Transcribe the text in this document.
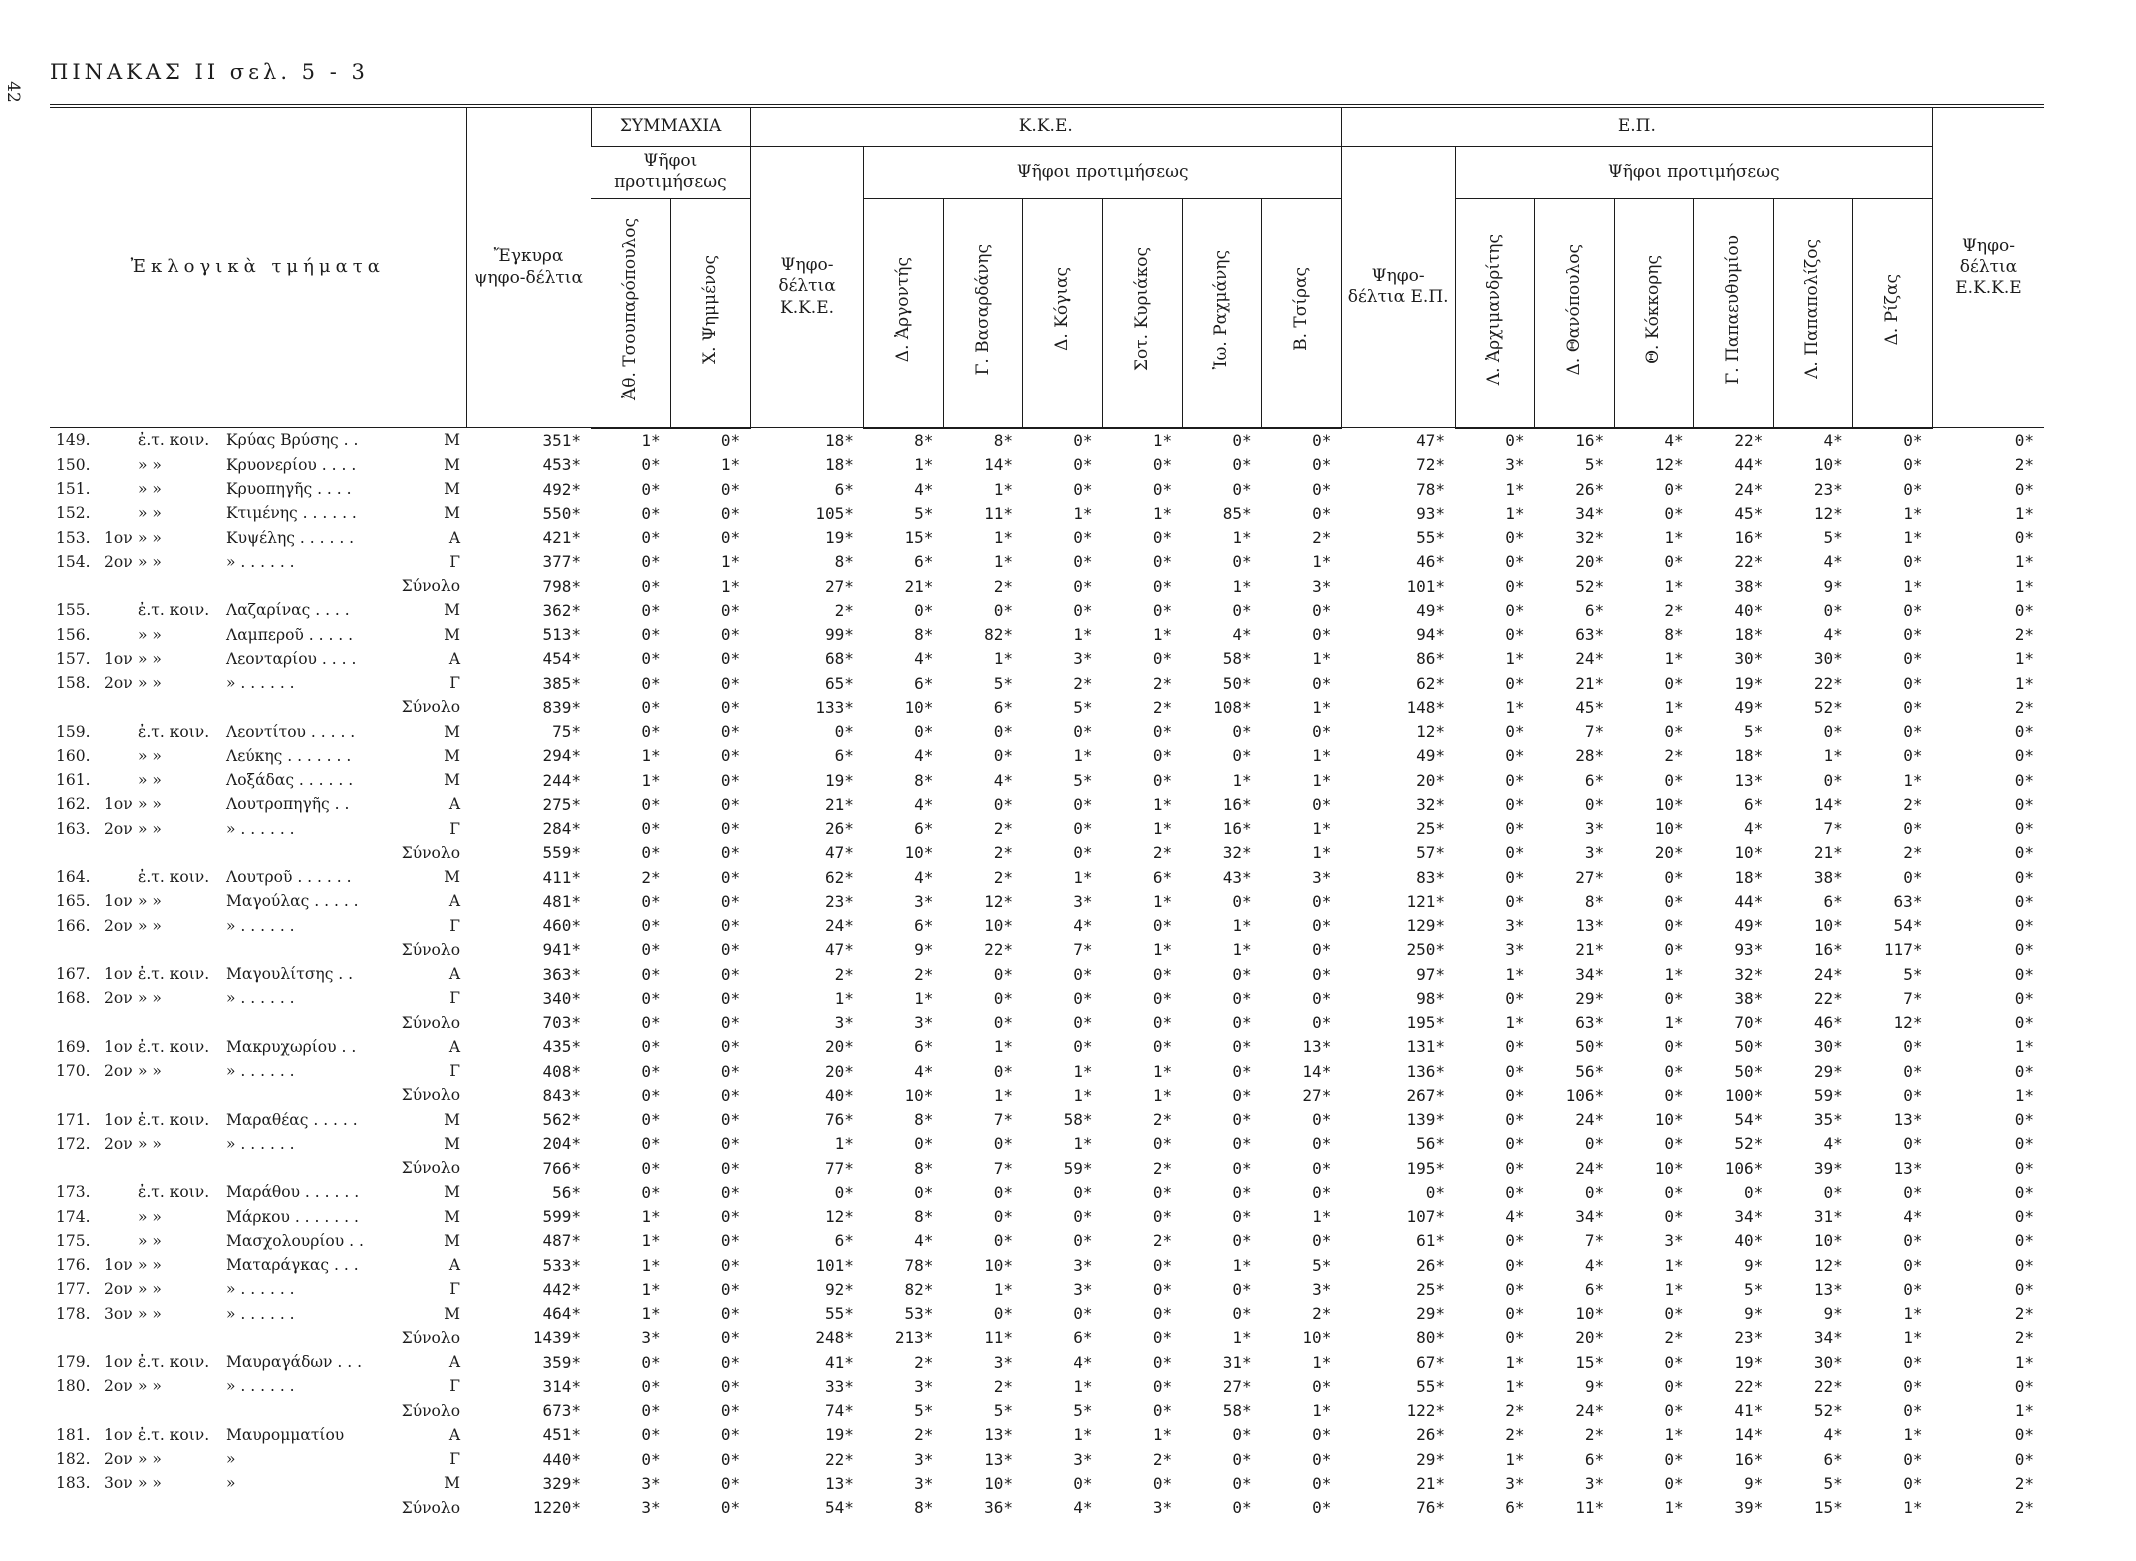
42
ΠΙΝΑΚΑΣ ΙΙ σελ. 5 - 3
Ἐκλογικὰ τμήματα	Ἔγκυρα ψηφο-δέλτια	ΣΥΜΜΑΧΙΑ		Κ.Κ.Ε.							Ε.Π.							Ψηφο-δέλτια Ε.Κ.Κ.Ε
		Ψῆφοι προτιμήσεως		Ψηφο-δέλτια Κ.Κ.Ε.	Ψῆφοι προτιμήσεως						Ψηφο-δέλτια Ε.Π.	Ψῆφοι προτιμήσεως						
		Ἀθ. Τσουπαρόπουλος	Χ. Ψημμένος		Δ. Ἀργοντής	Γ. Βασαρδάνης	Δ. Κόγιας	Σοτ. Κυριάκος	Ἰω. Ραχμάνης	Β. Τσίρας		Λ. Ἀρχιμανδρίτης	Δ. Θανόπουλος	Θ. Κόκκορης	Γ. Παπαευθυμίου	Λ. Παπαπολίζος	Δ. Ρίζας	
149. ἐ.τ. κοιν. Κρύας Βρύσης . . Μ	351*	1*	0*	18*	8*	8*	0*	1*	0*	0*	47*	0*	16*	4*	22*	4*	0*	0*
150. » » Κρυονερίου . . . . Μ	453*	0*	1*	18*	1*	14*	0*	0*	0*	0*	72*	3*	5*	12*	44*	10*	0*	2*
151. » » Κρυοπηγῆς . . . . Μ	492*	0*	0*	6*	4*	1*	0*	0*	0*	0*	78*	1*	26*	0*	24*	23*	0*	0*
152. » » Κτιμένης . . . . . . Μ	550*	0*	0*	105*	5*	11*	1*	1*	85*	0*	93*	1*	34*	0*	45*	12*	1*	1*
153. 1ον » » Κυψέλης . . . . . . Α	421*	0*	0*	19*	15*	1*	0*	0*	1*	2*	55*	0*	32*	1*	16*	5*	1*	0*
154. 2ον » » » . . . . . . Γ	377*	0*	1*	8*	6*	1*	0*	0*	0*	1*	46*	0*	20*	0*	22*	4*	0*	1*
Σύνολο	798*	0*	1*	27*	21*	2*	0*	0*	1*	3*	101*	0*	52*	1*	38*	9*	1*	1*
155. ἐ.τ. κοιν. Λαζαρίνας . . . . Μ	362*	0*	0*	2*	0*	0*	0*	0*	0*	0*	49*	0*	6*	2*	40*	0*	0*	0*
156. » » Λαμπεροῦ . . . . . Μ	513*	0*	0*	99*	8*	82*	1*	1*	4*	0*	94*	0*	63*	8*	18*	4*	0*	2*
157. 1ον » » Λεονταρίου . . . . Α	454*	0*	0*	68*	4*	1*	3*	0*	58*	1*	86*	1*	24*	1*	30*	30*	0*	1*
158. 2ον » » » . . . . . . Γ	385*	0*	0*	65*	6*	5*	2*	2*	50*	0*	62*	0*	21*	0*	19*	22*	0*	1*
Σύνολο	839*	0*	0*	133*	10*	6*	5*	2*	108*	1*	148*	1*	45*	1*	49*	52*	0*	2*
159. ἐ.τ. κοιν. Λεοντίτου . . . . . Μ	75*	0*	0*	0*	0*	0*	0*	0*	0*	0*	12*	0*	7*	0*	5*	0*	0*	0*
160. » » Λεύκης . . . . . . . Μ	294*	1*	0*	6*	4*	0*	1*	0*	0*	1*	49*	0*	28*	2*	18*	1*	0*	0*
161. » » Λοξάδας . . . . . . Μ	244*	1*	0*	19*	8*	4*	5*	0*	1*	1*	20*	0*	6*	0*	13*	0*	1*	0*
162. 1ον » » Λουτροπηγῆς . . Α	275*	0*	0*	21*	4*	0*	0*	1*	16*	0*	32*	0*	0*	10*	6*	14*	2*	0*
163. 2ον » » » . . . . . . Γ	284*	0*	0*	26*	6*	2*	0*	1*	16*	1*	25*	0*	3*	10*	4*	7*	0*	0*
Σύνολο	559*	0*	0*	47*	10*	2*	0*	2*	32*	1*	57*	0*	3*	20*	10*	21*	2*	0*
164. ἐ.τ. κοιν. Λουτροῦ . . . . . . Μ	411*	2*	0*	62*	4*	2*	1*	6*	43*	3*	83*	0*	27*	0*	18*	38*	0*	0*
165. 1ον » » Μαγούλας . . . . . Α	481*	0*	0*	23*	3*	12*	3*	1*	0*	0*	121*	0*	8*	0*	44*	6*	63*	0*
166. 2ον » » » . . . . . . Γ	460*	0*	0*	24*	6*	10*	4*	0*	1*	0*	129*	3*	13*	0*	49*	10*	54*	0*
Σύνολο	941*	0*	0*	47*	9*	22*	7*	1*	1*	0*	250*	3*	21*	0*	93*	16*	117*	0*
167. 1ον ἐ.τ. κοιν. Μαγουλίτσης . . Α	363*	0*	0*	2*	2*	0*	0*	0*	0*	0*	97*	1*	34*	1*	32*	24*	5*	0*
168. 2ον » » » . . . . . . Γ	340*	0*	0*	1*	1*	0*	0*	0*	0*	0*	98*	0*	29*	0*	38*	22*	7*	0*
Σύνολο	703*	0*	0*	3*	3*	0*	0*	0*	0*	0*	195*	1*	63*	1*	70*	46*	12*	0*
169. 1ον ἐ.τ. κοιν. Μακρυχωρίου . . Α	435*	0*	0*	20*	6*	1*	0*	0*	0*	13*	131*	0*	50*	0*	50*	30*	0*	1*
170. 2ον » » » . . . . . . Γ	408*	0*	0*	20*	4*	0*	1*	1*	0*	14*	136*	0*	56*	0*	50*	29*	0*	0*
Σύνολο	843*	0*	0*	40*	10*	1*	1*	1*	0*	27*	267*	0*	106*	0*	100*	59*	0*	1*
171. 1ον ἐ.τ. κοιν. Μαραθέας . . . . . Μ	562*	0*	0*	76*	8*	7*	58*	2*	0*	0*	139*	0*	24*	10*	54*	35*	13*	0*
172. 2ον » » » . . . . . . Μ	204*	0*	0*	1*	0*	0*	1*	0*	0*	0*	56*	0*	0*	0*	52*	4*	0*	0*
Σύνολο	766*	0*	0*	77*	8*	7*	59*	2*	0*	0*	195*	0*	24*	10*	106*	39*	13*	0*
173. ἐ.τ. κοιν. Μαράθου . . . . . . Μ	56*	0*	0*	0*	0*	0*	0*	0*	0*	0*	0*	0*	0*	0*	0*	0*	0*	0*
174. » » Μάρκου . . . . . . . Μ	599*	1*	0*	12*	8*	0*	0*	0*	0*	1*	107*	4*	34*	0*	34*	31*	4*	0*
175. » » Μασχολουρίου . . Μ	487*	1*	0*	6*	4*	0*	0*	2*	0*	0*	61*	0*	7*	3*	40*	10*	0*	0*
176. 1ον » » Ματαράγκας . . . Α	533*	1*	0*	101*	78*	10*	3*	0*	1*	5*	26*	0*	4*	1*	9*	12*	0*	0*
177. 2ον » » » . . . . . . Γ	442*	1*	0*	92*	82*	1*	3*	0*	0*	3*	25*	0*	6*	1*	5*	13*	0*	0*
178. 3ον » » » . . . . . . Μ	464*	1*	0*	55*	53*	0*	0*	0*	0*	2*	29*	0*	10*	0*	9*	9*	1*	2*
Σύνολο	1439*	3*	0*	248*	213*	11*	6*	0*	1*	10*	80*	0*	20*	2*	23*	34*	1*	2*
179. 1ον ἐ.τ. κοιν. Μαυραγάδων . . . Α	359*	0*	0*	41*	2*	3*	4*	0*	31*	1*	67*	1*	15*	0*	19*	30*	0*	1*
180. 2ον » » » . . . . . . Γ	314*	0*	0*	33*	3*	2*	1*	0*	27*	0*	55*	1*	9*	0*	22*	22*	0*	0*
Σύνολο	673*	0*	0*	74*	5*	5*	5*	0*	58*	1*	122*	2*	24*	0*	41*	52*	0*	1*
181. 1ον ἐ.τ. κοιν. Μαυρομματίου Α	451*	0*	0*	19*	2*	13*	1*	1*	0*	0*	26*	2*	2*	1*	14*	4*	1*	0*
182. 2ον » » » Γ	440*	0*	0*	22*	3*	13*	3*	2*	0*	0*	29*	1*	6*	0*	16*	6*	0*	0*
183. 3ον » » » Μ	329*	3*	0*	13*	3*	10*	0*	0*	0*	0*	21*	3*	3*	0*	9*	5*	0*	2*
Σύνολο	1220*	3*	0*	54*	8*	36*	4*	3*	0*	0*	76*	6*	11*	1*	39*	15*	1*	2*
